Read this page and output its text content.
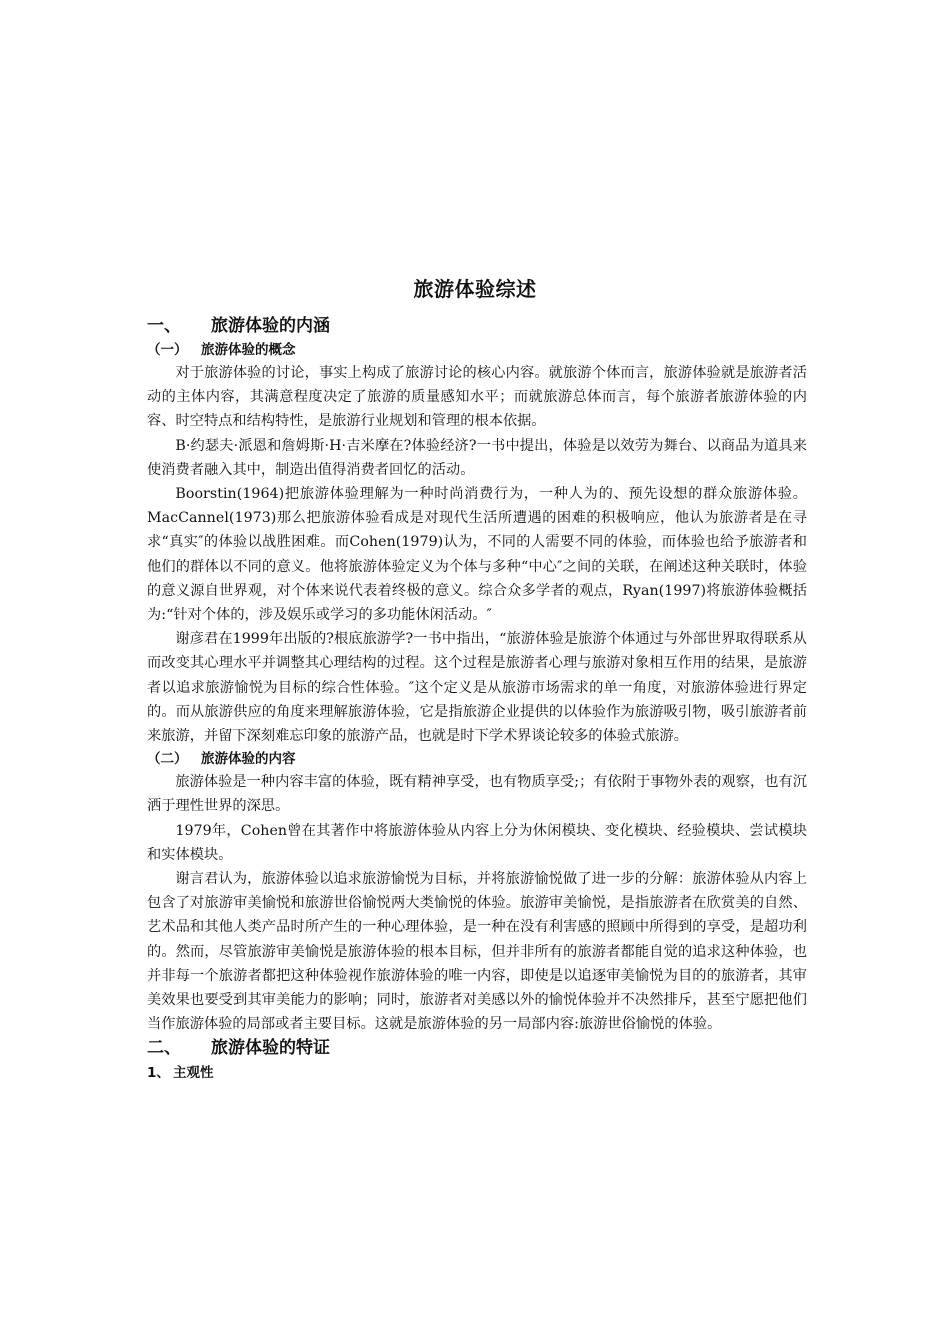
旅游体验综述
一、	旅游体验的内涵
（一）	旅游体验的概念

对于旅游体验的讨论，事实上构成了旅游讨论的核心内容。就旅游个体而言，旅游体验就是旅游者活动的主体内容，其满意程度决定了旅游的质量感知水平；而就旅游总体而言，每个旅游者旅游体验的内容、时空特点和结构特性，是旅游行业规划和管理的根本依据。

B·约瑟夫·派恩和詹姆斯·H·吉米摩在?体验经济?一书中提出，体验是以效劳为舞台、以商品为道具来使消费者融入其中，制造出值得消费者回忆的活动。

Boorstin(1964)把旅游体验理解为一种时尚消费行为，一种人为的、预先设想的群众旅游体验。MacCannel(1973)那么把旅游体验看成是对现代生活所遭遇的困难的积极响应，他认为旅游者是在寻求“真实″的体验以战胜困难。而Cohen(1979)认为，不同的人需要不同的体验，而体验也给予旅游者和他们的群体以不同的意义。他将旅游体验定义为个体与多种“中心″之间的关联，在阐述这种关联时，体验的意义源自世界观，对个体来说代表着终极的意义。综合众多学者的观点，Ryan(1997)将旅游体验概括为:“针对个体的，涉及娱乐或学习的多功能休闲活动。″

谢彦君在1999年出版的?根底旅游学?一书中指出，“旅游体验是旅游个体通过与外部世界取得联系从而改变其心理水平并调整其心理结构的过程。这个过程是旅游者心理与旅游对象相互作用的结果，是旅游者以追求旅游愉悦为目标的综合性体验。″这个定义是从旅游市场需求的单一角度，对旅游体验进行界定的。而从旅游供应的角度来理解旅游体验，它是指旅游企业提供的以体验作为旅游吸引物，吸引旅游者前来旅游，并留下深刻难忘印象的旅游产品，也就是时下学术界谈论较多的体验式旅游。

（二）	旅游体验的内容

旅游体验是一种内容丰富的体验，既有精神享受，也有物质享受;；有依附于事物外表的观察，也有沉洒于理性世界的深思。

1979年，Cohen曾在其著作中将旅游体验从内容上分为休闲模块、变化模块、经验模块、尝试模块和实体模块。

谢言君认为，旅游体验以追求旅游愉悦为目标，并将旅游愉悦做了进一步的分解：旅游体验从内容上包含了对旅游审美愉悦和旅游世俗愉悦两大类愉悦的体验。旅游审美愉悦，是指旅游者在欣赏美的自然、艺术品和其他人类产品时所产生的一种心理体验，是一种在没有利害感的照顾中所得到的享受，是超功利的。然而，尽管旅游审美愉悦是旅游体验的根本目标，但并非所有的旅游者都能自觉的追求这种体验，也并非每一个旅游者都把这种体验视作旅游体验的唯一内容，即使是以追逐审美愉悦为目的的旅游者，其审美效果也要受到其审美能力的影响；同时，旅游者对美感以外的愉悦体验并不决然排斥，甚至宁愿把他们当作旅游体验的局部或者主要目标。这就是旅游体验的另一局部内容:旅游世俗愉悦的体验。

二、	旅游体验的特证
1、 主观性
